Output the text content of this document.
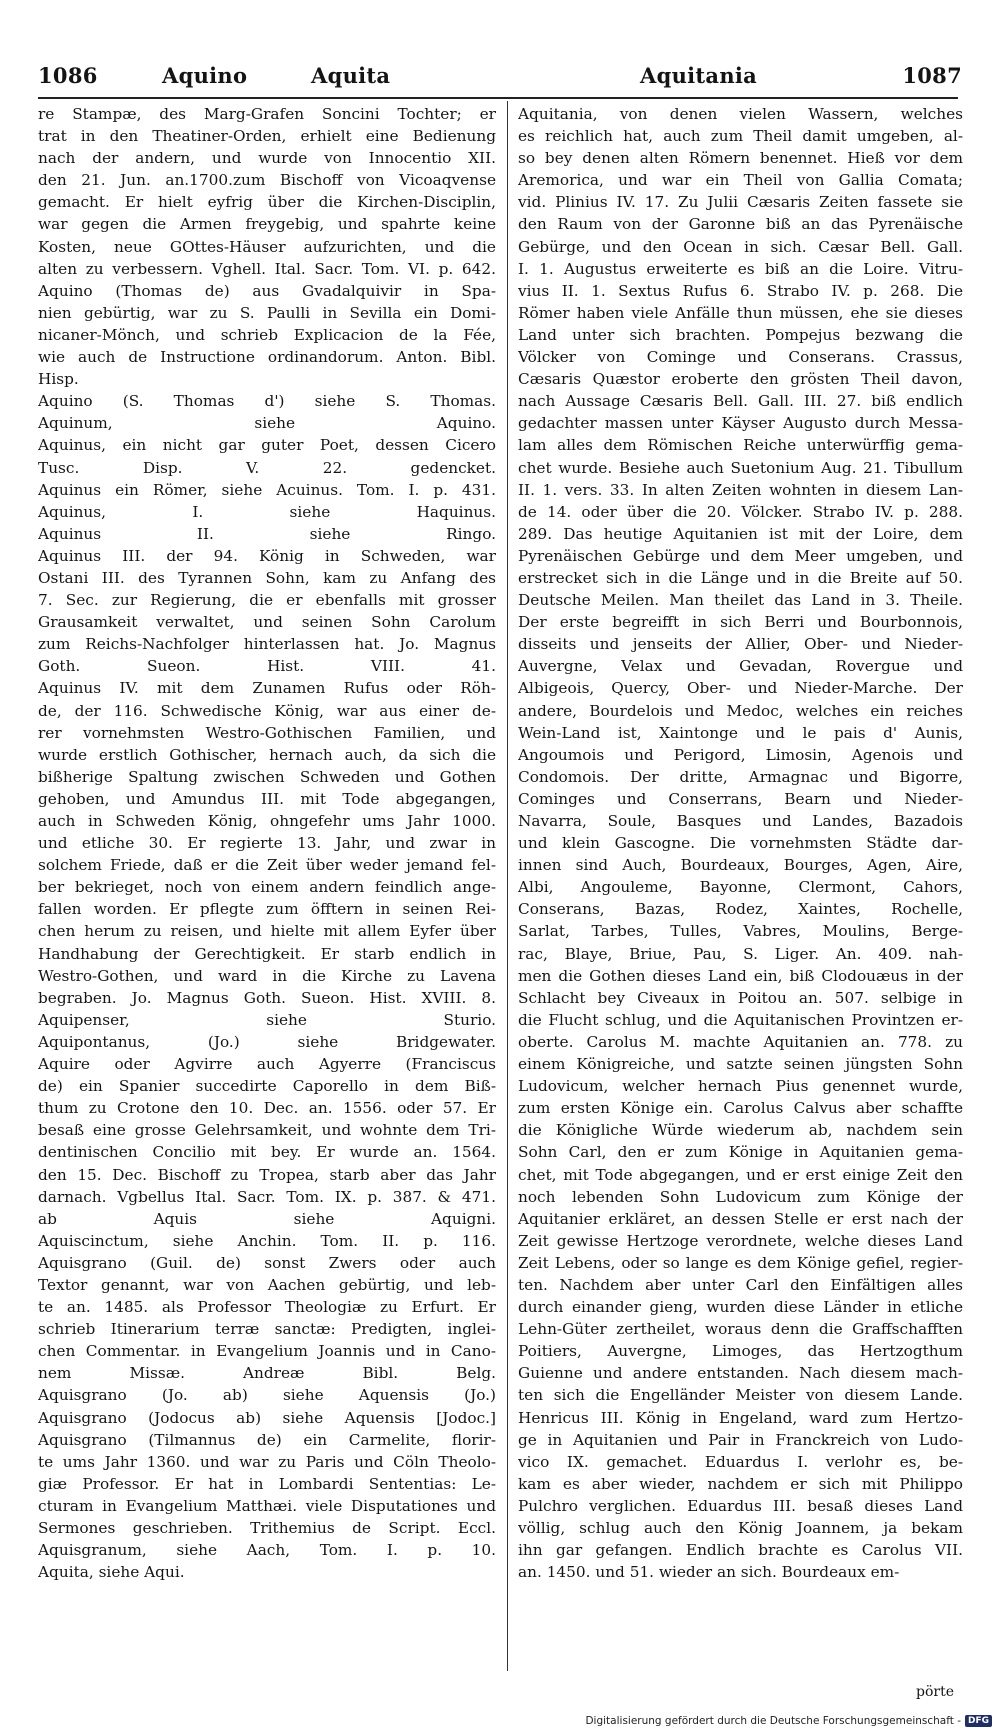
1086	Aquino	Aquita	Aquitania	1087
re Stampæ, des Marg-Grafen Soncini Tochter; er
trat in den Theatiner-Orden, erhielt eine Bedienung
nach der andern, und wurde von Innocentio XII.
den 21. Jun. an.1700.zum Bischoff von Vicoaqvense
gemacht. Er hielt eyfrig über die Kirchen-Disciplin,
war gegen die Armen freygebig, und spahrte keine
Kosten, neue GOttes-Häuser aufzurichten, und die
alten zu verbessern. Vghell. Ital. Sacr. Tom. VI. p. 642.
Aquino (Thomas de) aus Gvadalquivir in Spa-
nien gebürtig, war zu S. Paulli in Sevilla ein Domi-
nicaner-Mönch, und schrieb Explicacion de la Fée,
wie auch de Instructione ordinandorum. Anton. Bibl.
Hisp.
Aquino (S. Thomas d') siehe S. Thomas.
Aquinum, siehe Aquino.
Aquinus, ein nicht gar guter Poet, dessen Cicero
Tusc. Disp. V. 22. gedencket.
Aquinus ein Römer, siehe Acuinus. Tom. I. p. 431.
Aquinus, I. siehe Haquinus.
Aquinus II. siehe Ringo.
Aquinus III. der 94. König in Schweden, war
Ostani III. des Tyrannen Sohn, kam zu Anfang des
7. Sec. zur Regierung, die er ebenfalls mit grosser
Grausamkeit verwaltet, und seinen Sohn Carolum
zum Reichs-Nachfolger hinterlassen hat. Jo. Magnus
Goth. Sueon. Hist. VIII. 41.
Aquinus IV. mit dem Zunamen Rufus oder Röh-
de, der 116. Schwedische König, war aus einer de-
rer vornehmsten Westro-Gothischen Familien, und
wurde erstlich Gothischer, hernach auch, da sich die
bißherige Spaltung zwischen Schweden und Gothen
gehoben, und Amundus III. mit Tode abgegangen,
auch in Schweden König, ohngefehr ums Jahr 1000.
und etliche 30. Er regierte 13. Jahr, und zwar in
solchem Friede, daß er die Zeit über weder jemand fel-
ber bekrieget, noch von einem andern feindlich ange-
fallen worden. Er pflegte zum öfftern in seinen Rei-
chen herum zu reisen, und hielte mit allem Eyfer über
Handhabung der Gerechtigkeit. Er starb endlich in
Westro-Gothen, und ward in die Kirche zu Lavena
begraben. Jo. Magnus Goth. Sueon. Hist. XVIII. 8.
Aquipenser, siehe Sturio.
Aquipontanus, (Jo.) siehe Bridgewater.
Aquire oder Agvirre auch Agyerre (Franciscus
de) ein Spanier succedirte Caporello in dem Biß-
thum zu Crotone den 10. Dec. an. 1556. oder 57. Er
besaß eine grosse Gelehrsamkeit, und wohnte dem Tri-
dentinischen Concilio mit bey. Er wurde an. 1564.
den 15. Dec. Bischoff zu Tropea, starb aber das Jahr
darnach. Vgbellus Ital. Sacr. Tom. IX. p. 387. & 471.
ab Aquis siehe Aquigni.
Aquiscinctum, siehe Anchin. Tom. II. p. 116.
Aquisgrano (Guil. de) sonst Zwers oder auch
Textor genannt, war von Aachen gebürtig, und leb-
te an. 1485. als Professor Theologiæ zu Erfurt. Er
schrieb Itinerarium terræ sanctæ: Predigten, inglei-
chen Commentar. in Evangelium Joannis und in Cano-
nem Missæ. Andreæ Bibl. Belg.
Aquisgrano (Jo. ab) siehe Aquensis (Jo.)
Aquisgrano (Jodocus ab) siehe Aquensis [Jodoc.]
Aquisgrano (Tilmannus de) ein Carmelite, florir-
te ums Jahr 1360. und war zu Paris und Cöln Theolo-
giæ Professor. Er hat in Lombardi Sententias: Le-
cturam in Evangelium Matthæi. viele Disputationes und
Sermones geschrieben. Trithemius de Script. Eccl.
Aquisgranum, siehe Aach, Tom. I. p. 10.
Aquita, siehe Aqui.
Aquitania, von denen vielen Wassern, welches
es reichlich hat, auch zum Theil damit umgeben, al-
so bey denen alten Römern benennet. Hieß vor dem
Aremorica, und war ein Theil von Gallia Comata;
vid. Plinius IV. 17. Zu Julii Cæsaris Zeiten fassete sie
den Raum von der Garonne biß an das Pyrenäische
Gebürge, und den Ocean in sich. Cæsar Bell. Gall.
I. 1. Augustus erweiterte es biß an die Loire. Vitru-
vius II. 1. Sextus Rufus 6. Strabo IV. p. 268. Die
Römer haben viele Anfälle thun müssen, ehe sie dieses
Land unter sich brachten. Pompejus bezwang die
Völcker von Cominge und Conserans. Crassus,
Cæsaris Quæstor eroberte den grösten Theil davon,
nach Aussage Cæsaris Bell. Gall. III. 27. biß endlich
gedachter massen unter Käyser Augusto durch Messa-
lam alles dem Römischen Reiche unterwürffig gema-
chet wurde. Besiehe auch Suetonium Aug. 21. Tibullum
II. 1. vers. 33. In alten Zeiten wohnten in diesem Lan-
de 14. oder über die 20. Völcker. Strabo IV. p. 288.
289. Das heutige Aquitanien ist mit der Loire, dem
Pyrenäischen Gebürge und dem Meer umgeben, und
erstrecket sich in die Länge und in die Breite auf 50.
Deutsche Meilen. Man theilet das Land in 3. Theile.
Der erste begreifft in sich Berri und Bourbonnois,
disseits und jenseits der Allier, Ober- und Nieder-
Auvergne, Velax und Gevadan, Rovergue und
Albigeois, Quercy, Ober- und Nieder-Marche. Der
andere, Bourdelois und Medoc, welches ein reiches
Wein-Land ist, Xaintonge und le pais d' Aunis,
Angoumois und Perigord, Limosin, Agenois und
Condomois. Der dritte, Armagnac und Bigorre,
Cominges und Conserrans, Bearn und Nieder-
Navarra, Soule, Basques und Landes, Bazadois
und klein Gascogne. Die vornehmsten Städte dar-
innen sind Auch, Bourdeaux, Bourges, Agen, Aire,
Albi, Angouleme, Bayonne, Clermont, Cahors,
Conserans, Bazas, Rodez, Xaintes, Rochelle,
Sarlat, Tarbes, Tulles, Vabres, Moulins, Berge-
rac, Blaye, Briue, Pau, S. Liger. An. 409. nah-
men die Gothen dieses Land ein, biß Clodouæus in der
Schlacht bey Civeaux in Poitou an. 507. selbige in
die Flucht schlug, und die Aquitanischen Provintzen er-
oberte. Carolus M. machte Aquitanien an. 778. zu
einem Königreiche, und satzte seinen jüngsten Sohn
Ludovicum, welcher hernach Pius genennet wurde,
zum ersten Könige ein. Carolus Calvus aber schaffte
die Königliche Würde wiederum ab, nachdem sein
Sohn Carl, den er zum Könige in Aquitanien gema-
chet, mit Tode abgegangen, und er erst einige Zeit den
noch lebenden Sohn Ludovicum zum Könige der
Aquitanier erkläret, an dessen Stelle er erst nach der
Zeit gewisse Hertzoge verordnete, welche dieses Land
Zeit Lebens, oder so lange es dem Könige gefiel, regier-
ten. Nachdem aber unter Carl den Einfältigen alles
durch einander gieng, wurden diese Länder in etliche
Lehn-Güter zertheilet, woraus denn die Graffschafften
Poitiers, Auvergne, Limoges, das Hertzogthum
Guienne und andere entstanden. Nach diesem mach-
ten sich die Engelländer Meister von diesem Lande.
Henricus III. König in Engeland, ward zum Hertzo-
ge in Aquitanien und Pair in Franckreich von Ludo-
vico IX. gemachet. Eduardus I. verlohr es, be-
kam es aber wieder, nachdem er sich mit Philippo
Pulchro verglichen. Eduardus III. besaß dieses Land
völlig, schlug auch den König Joannem, ja bekam
ihn gar gefangen. Endlich brachte es Carolus VII.
an. 1450. und 51. wieder an sich. Bourdeaux em-
pörte
Digitalisierung gefördert durch die Deutsche Forschungsgemeinschaft - DFG
